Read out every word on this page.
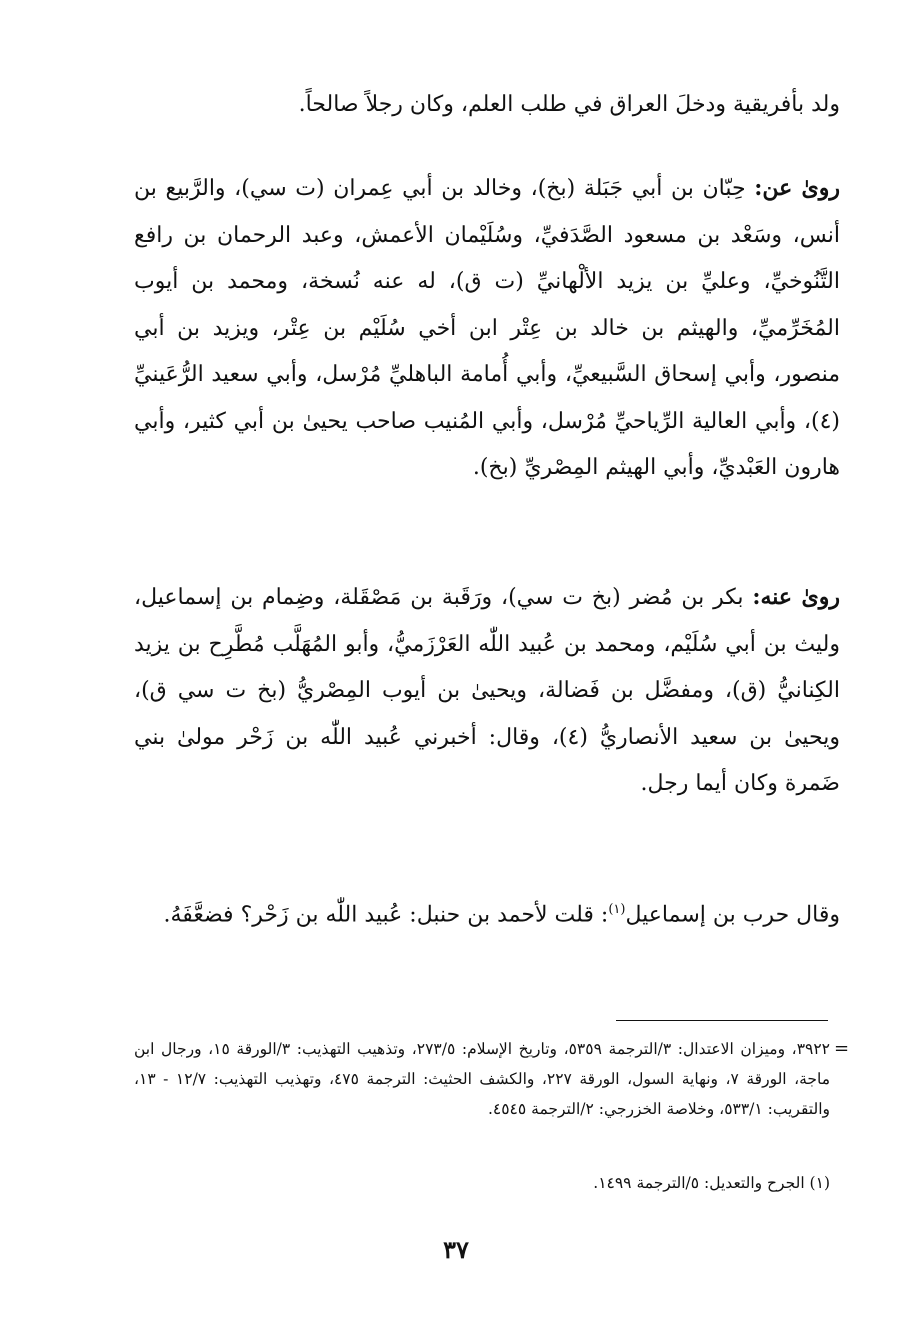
ولد بأفريقية ودخلَ العراق في طلب العلم، وكان رجلاً صالحاً.
روىٰ عن: حِبّان بن أبي جَبَلة (بخ)، وخالد بن أبي عِمران (ت سي)، والرَّبيع بن أنس، وسَعْد بن مسعود الصَّدَفيِّ، وسُلَيْمان الأعمش، وعبد الرحمان بن رافع التَّنُوخيِّ، وعليِّ بن يزيد الألْهانيِّ (ت ق)، له عنه نُسخة، ومحمد بن أيوب المُخَرِّميِّ، والهيثم بن خالد بن عِتْر ابن أخي سُلَيْم بن عِتْر، ويزيد بن أبي منصور، وأبي إسحاق السَّبيعيِّ، وأبي أُمامة الباهليِّ مُرْسل، وأبي سعيد الرُّعَينيِّ (٤)، وأبي العالية الرِّياحيِّ مُرْسل، وأبي المُنيب صاحب يحيىٰ بن أبي كثير، وأبي هارون العَبْديِّ، وأبي الهيثم المِصْريِّ (بخ).
روىٰ عنه: بكر بن مُضر (بخ ت سي)، ورَقَبة بن مَصْقَلة، وضِمام بن إسماعيل، وليث بن أبي سُلَيْم، ومحمد بن عُبيد اللّٰه العَرْزَميُّ، وأبو المُهَلَّب مُطَّرِح بن يزيد الكِنانيُّ (ق)، ومفضَّل بن فَضالة، ويحيىٰ بن أيوب المِصْريُّ (بخ ت سي ق)، ويحيىٰ بن سعيد الأنصاريُّ (٤)، وقال: أخبرني عُبيد اللّٰه بن زَحْر مولىٰ بني ضَمرة وكان أيما رجل.
وقال حرب بن إسماعيل$^{(١)}$: قلت لأحمد بن حنبل: عُبيد اللّٰه بن زَحْر؟ فضعَّفَهُ.
=
٣٩٢٢، وميزان الاعتدال: ٣/الترجمة ٥٣٥٩، وتاريخ الإسلام: ٢٧٣/٥، وتذهيب التهذيب: ٣/الورقة ١٥، ورجال ابن ماجة، الورقة ٧، ونهاية السول، الورقة ٢٢٧، والكشف الحثيث: الترجمة ٤٧٥، وتهذيب التهذيب: ١٢/٧ - ١٣، والتقريب: ٥٣٣/١، وخلاصة الخزرجي: ٢/الترجمة ٤٥٤٥.
(١) الجرح والتعديل: ٥/الترجمة ١٤٩٩.
٣٧
